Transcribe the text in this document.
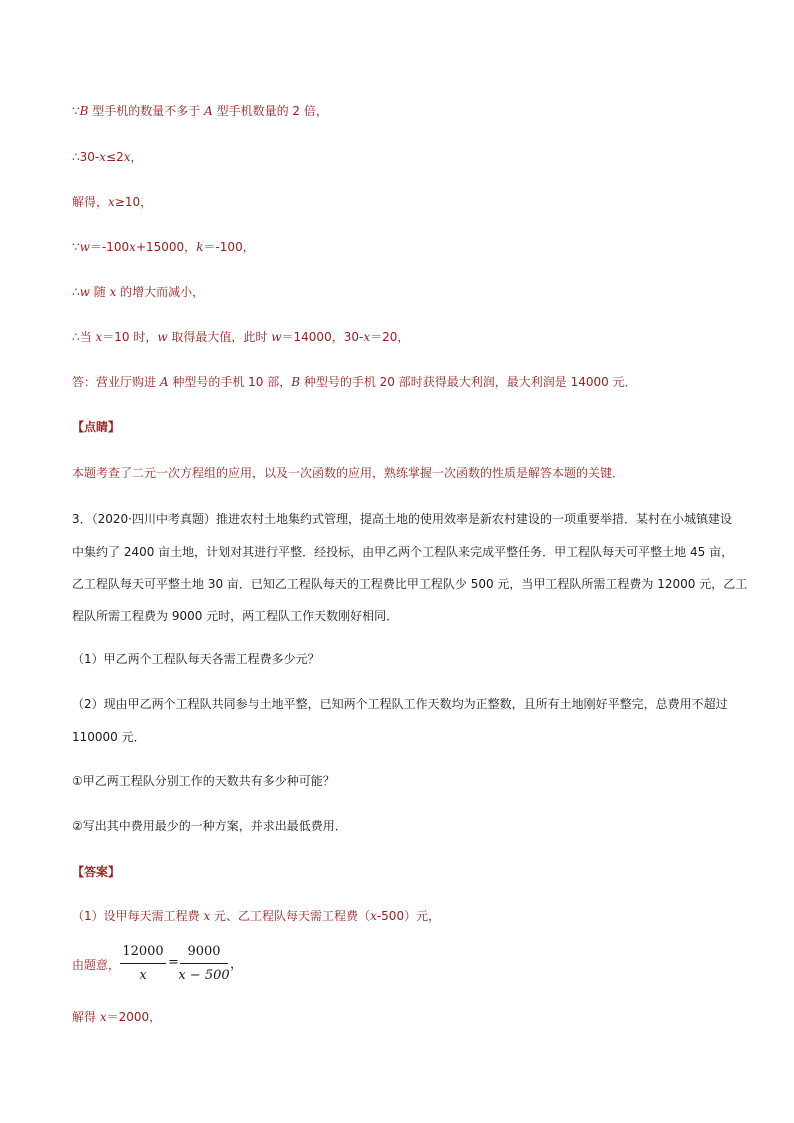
∵B 型手机的数量不多于 A 型手机数量的 2 倍，
∴30-x≤2x，
解得，x≥10，
∵w＝-100x+15000，k＝-100，
∴w 随 x 的增大而减小，
∴当 x＝10 时，w 取得最大值，此时 w＝14000，30-x＝20，
答：营业厅购进 A 种型号的手机 10 部，B 种型号的手机 20 部时获得最大利润，最大利润是 14000 元．
【点睛】
本题考查了二元一次方程组的应用，以及一次函数的应用，熟练掌握一次函数的性质是解答本题的关键．
3．（2020·四川中考真题）推进农村土地集约式管理，提高土地的使用效率是新农村建设的一项重要举措．某村在小城镇建设
中集约了 2400 亩土地，计划对其进行平整．经投标，由甲乙两个工程队来完成平整任务．甲工程队每天可平整土地 45 亩，
乙工程队每天可平整土地 30 亩．已知乙工程队每天的工程费比甲工程队少 500 元，当甲工程队所需工程费为 12000 元，乙工
程队所需工程费为 9000 元时，两工程队工作天数刚好相同．
（1）甲乙两个工程队每天各需工程费多少元？
（2）现由甲乙两个工程队共同参与土地平整，已知两个工程队工作天数均为正整数，且所有土地刚好平整完，总费用不超过
110000 元．
①甲乙两工程队分别工作的天数共有多少种可能？
②写出其中费用最少的一种方案，并求出最低费用．
【答案】
（1）设甲每天需工程费 x 元、乙工程队每天需工程费（x-500）元，
由题意，
12000
x
=
9000
x − 500
，
解得 x＝2000，
